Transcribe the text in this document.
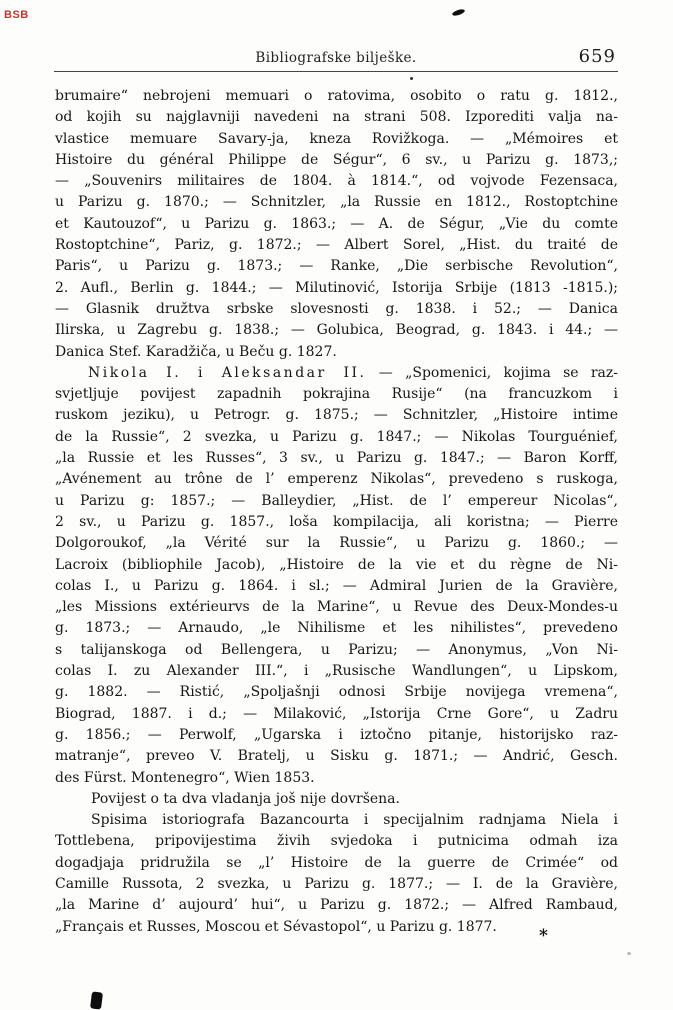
BSB
Bibliografske bilješke.	659
brumaire“ nebrojeni memuari o ratovima, osobito o ratu g. 1812.,
od kojih su najglavniji navedeni na strani 508. Izporediti valja na-
vlastice memuare Savary-ja, kneza Rovižkoga. — „Mémoires et
Histoire du général Philippe de Ségur“, 6 sv., u Parizu g. 1873,;
— „Souvenirs militaires de 1804. à 1814.“, od vojvode Fezensaca,
u Parizu g. 1870.; — Schnitzler, „la Russie en 1812., Rostoptchine
et Kautouzof“, u Parizu g. 1863.; — A. de Ségur, „Vie du comte
Rostoptchine“, Pariz, g. 1872.; — Albert Sorel, „Hist. du traité de
Paris“, u Parizu g. 1873.; — Ranke, „Die serbische Revolution“,
2. Aufl., Berlin g. 1844.; — Milutinović, Istorija Srbije (1813 -1815.);
— Glasnik družtva srbske slovesnosti g. 1838. i 52.; — Danica
Ilirska, u Zagrebu g. 1838.; — Golubica, Beograd, g. 1843. i 44.; —
Danica Stef. Karadžiča, u Beču g. 1827.
Nikola I. i Aleksandar II. — „Spomenici, kojima se raz-
svjetljuje povijest zapadnih pokrajina Rusije“ (na francuzkom i
ruskom jeziku), u Petrogr. g. 1875.; — Schnitzler, „Histoire intime
de la Russie“, 2 svezka, u Parizu g. 1847.; — Nikolas Tourguénief,
„la Russie et les Russes“, 3 sv., u Parizu g. 1847.; — Baron Korff,
„Avénement au trône de l’ emperenz Nikolas“, prevedeno s ruskoga,
u Parizu g: 1857.; — Balleydier, „Hist. de l’ empereur Nicolas“,
2 sv., u Parizu g. 1857., loša kompilacija, ali koristna; — Pierre
Dolgoroukof, „la Vérité sur la Russie“, u Parizu g. 1860.; —
Lacroix (bibliophile Jacob), „Histoire de la vie et du règne de Ni-
colas I., u Parizu g. 1864. i sl.; — Admiral Jurien de la Gravière,
„les Missions extérieurvs de la Marine“, u Revue des Deux-Mondes-u
g. 1873.; — Arnaudo, „le Nihilisme et les nihilistes“, prevedeno
s talijanskoga od Bellengera, u Parizu; — Anonymus, „Von Ni-
colas I. zu Alexander III.“, i „Rusische Wandlungen“, u Lipskom,
g. 1882. — Ristić, „Spoljašnji odnosi Srbije novijega vremena“,
Biograd, 1887. i d.; — Milaković, „Istorija Crne Gore“, u Zadru
g. 1856.; — Perwolf, „Ugarska i iztočno pitanje, historijsko raz-
matranje“, preveo V. Bratelj, u Sisku g. 1871.; — Andrić, Gesch.
des Fürst. Montenegro“, Wien 1853.
Povijest o ta dva vladanja još nije dovršena.
Spisima istoriografa Bazancourta i specijalnim radnjama Niela i
Tottlebena, pripovijestima živih svjedoka i putnicima odmah iza
dogadjaja pridružila se „l’ Histoire de la guerre de Crimée“ od
Camille Russota, 2 svezka, u Parizu g. 1877.; — I. de la Gravière,
„la Marine d’ aujourd’ hui“, u Parizu g. 1872.; — Alfred Rambaud,
„Français et Russes, Moscou et Sévastopol“, u Parizu g. 1877.	*
